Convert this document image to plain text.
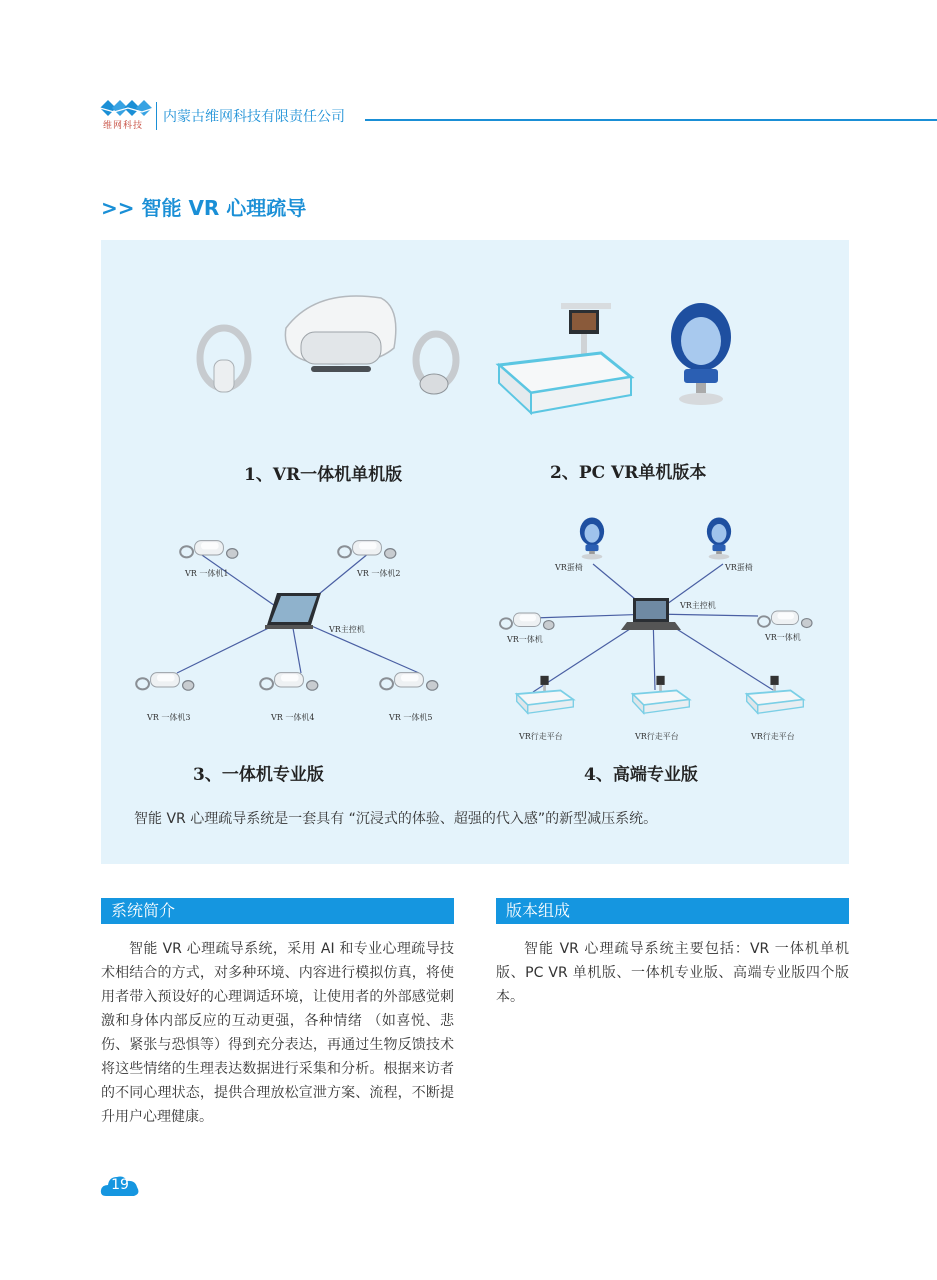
维网科技
内蒙古维网科技有限责任公司
>> 智能 VR 心理疏导
1、VR一体机单机版	2、PC VR单机版本
VR 一体机1	VR 一体机2
VR主控机
VR 一体机3	VR 一体机4	VR 一体机5
VR蛋椅	VR蛋椅
VR主控机
VR一体机	VR一体机
VR行走平台	VR行走平台	VR行走平台
3、一体机专业版	4、高端专业版
智能 VR 心理疏导系统是一套具有 “沉浸式的体验、超强的代入感”的新型减压系统。
系统简介
智能 VR 心理疏导系统，采用 AI 和专业心理疏导技术相结合的方式，对多种环境、内容进行模拟仿真，将使用者带入预设好的心理调适环境，让使用者的外部感觉刺激和身体内部反应的互动更强，各种情绪 （如喜悦、悲伤、紧张与恐惧等）得到充分表达，再通过生物反馈技术将这些情绪的生理表达数据进行采集和分析。根据来访者的不同心理状态，提供合理放松宣泄方案、流程，不断提升用户心理健康。
版本组成
智能 VR 心理疏导系统主要包括：VR 一体机单机版、PC VR 单机版、一体机专业版、高端专业版四个版本。
19
